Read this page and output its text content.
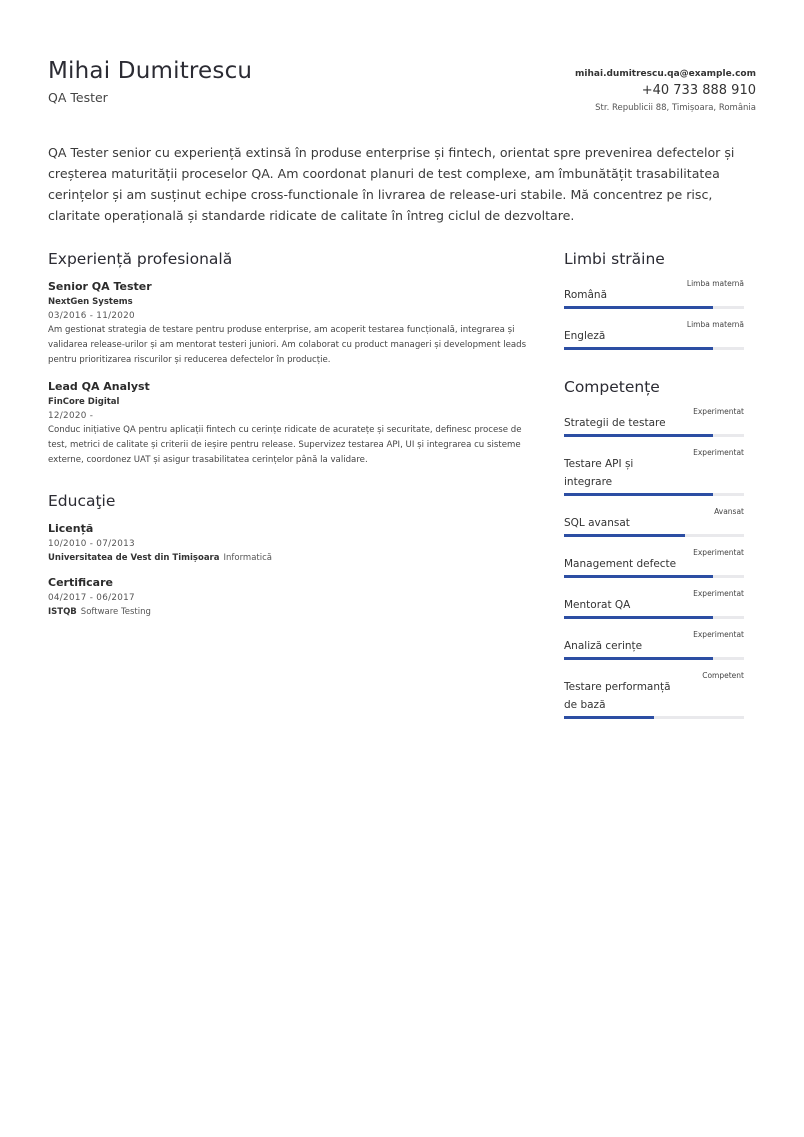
Mihai Dumitrescu
QA Tester
mihai.dumitrescu.qa@example.com
+40 733 888 910
Str. Republicii 88, Timișoara, România
QA Tester senior cu experiență extinsă în produse enterprise și fintech, orientat spre prevenirea defectelor și creșterea maturității proceselor QA. Am coordonat planuri de test complexe, am îmbunătățit trasabilitatea cerințelor și am susținut echipe cross-functionale în livrarea de release-uri stabile. Mă concentrez pe risc, claritate operațională și standarde ridicate de calitate în întreg ciclul de dezvoltare.
Experiență profesională
Senior QA Tester
NextGen Systems
03/2016 - 11/2020
Am gestionat strategia de testare pentru produse enterprise, am acoperit testarea funcțională, integrarea și validarea release-urilor și am mentorat testeri juniori. Am colaborat cu product manageri și development leads pentru prioritizarea riscurilor și reducerea defectelor în producție.
Lead QA Analyst
FinCore Digital
12/2020 -
Conduc inițiative QA pentru aplicații fintech cu cerințe ridicate de acuratețe și securitate, definesc procese de test, metrici de calitate și criterii de ieșire pentru release. Supervizez testarea API, UI și integrarea cu sisteme externe, coordonez UAT și asigur trasabilitatea cerințelor până la validare.
Educaţie
Licență
10/2010 - 07/2013
Universitatea de Vest din Timișoara Informatică
Certificare
04/2017 - 06/2017
ISTQB Software Testing
Limbi străine
Română
Limba maternă
Engleză
Limba maternă
Competențe
Strategii de testare
Experimentat
Testare API și integrare
Experimentat
SQL avansat
Avansat
Management defecte
Experimentat
Mentorat QA
Experimentat
Analiză cerințe
Experimentat
Testare performanță de bază
Competent
